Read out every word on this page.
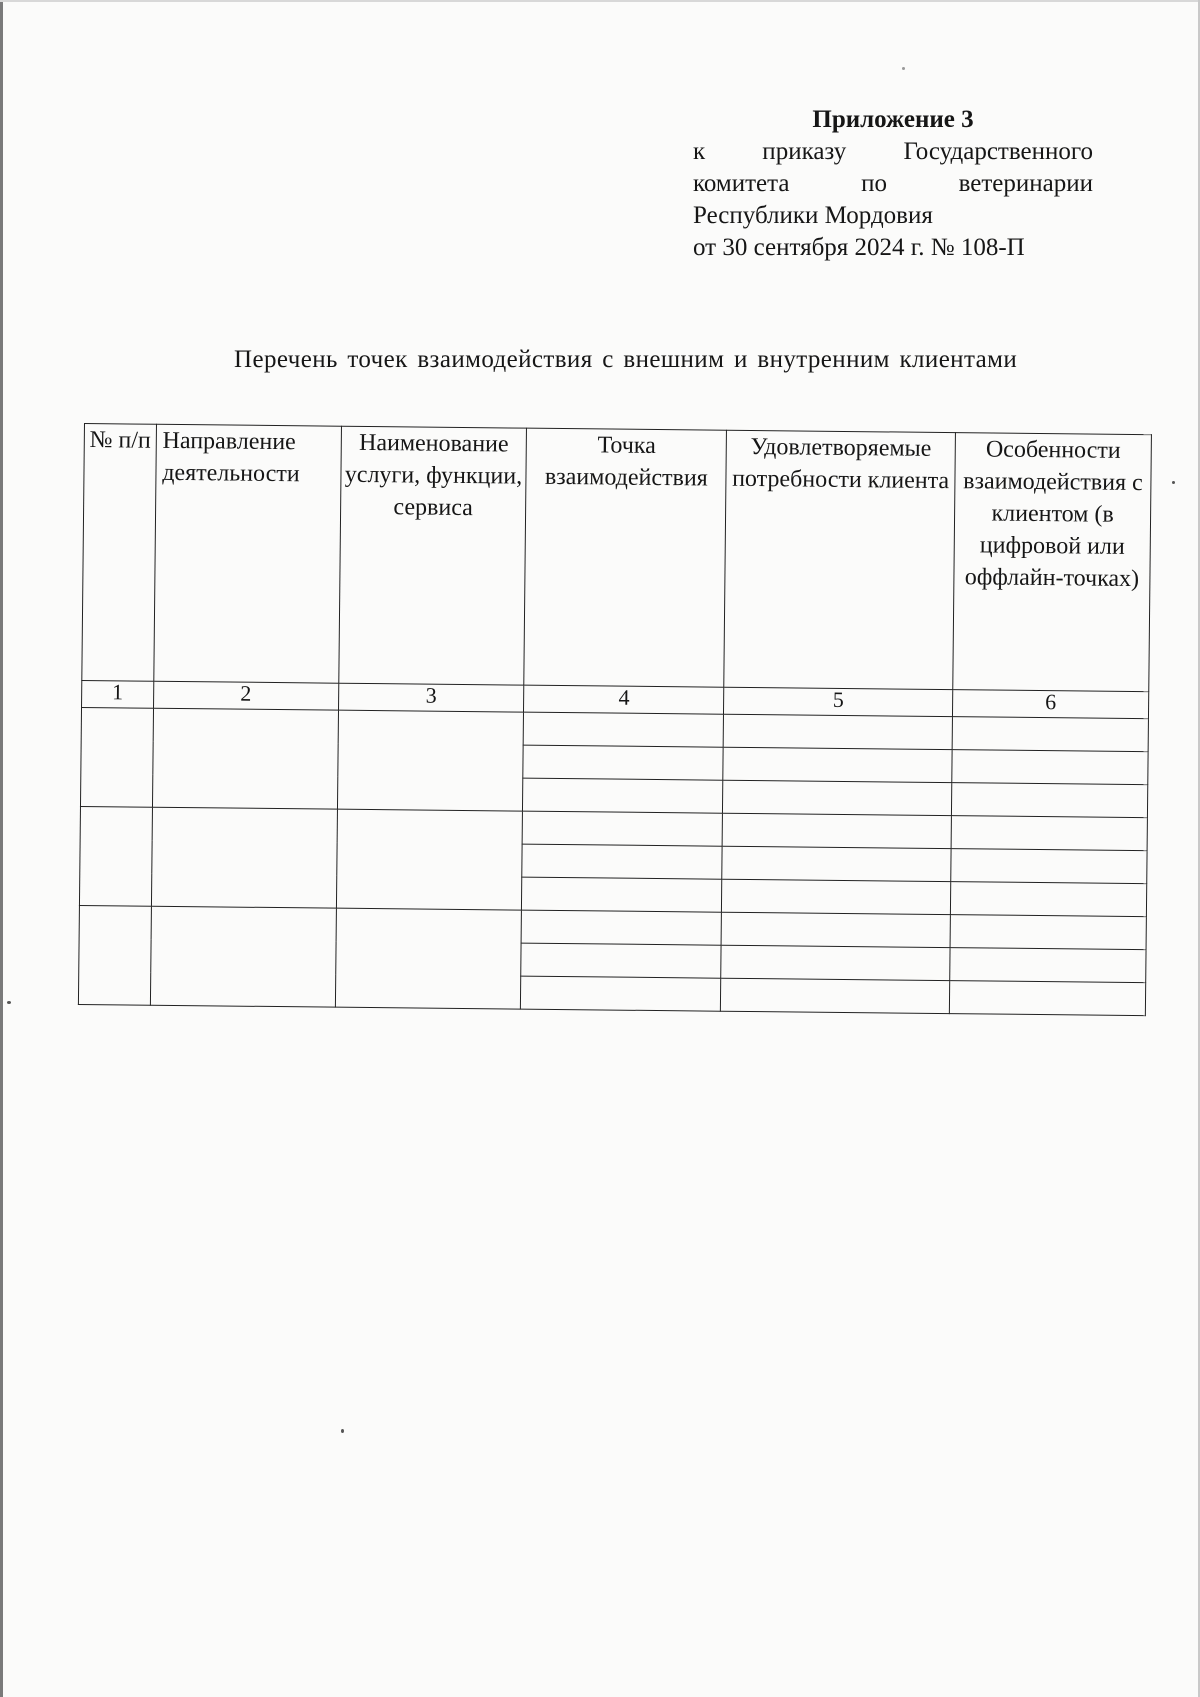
Приложение 3
к приказу Государственного
комитета по ветеринарии
Республики Мордовия
от 30 сентября 2024 г. № 108-П
Перечень точек взаимодействия с внешним и внутренним клиентами
№ п/п	Направление деятельности	Наименование услуги, функции, сервиса	Точка взаимодействия	Удовлетворяемые потребности клиента	Особенности взаимодействия с клиентом (в цифровой или оффлайн-точках)
1	2	3	4	5	6
